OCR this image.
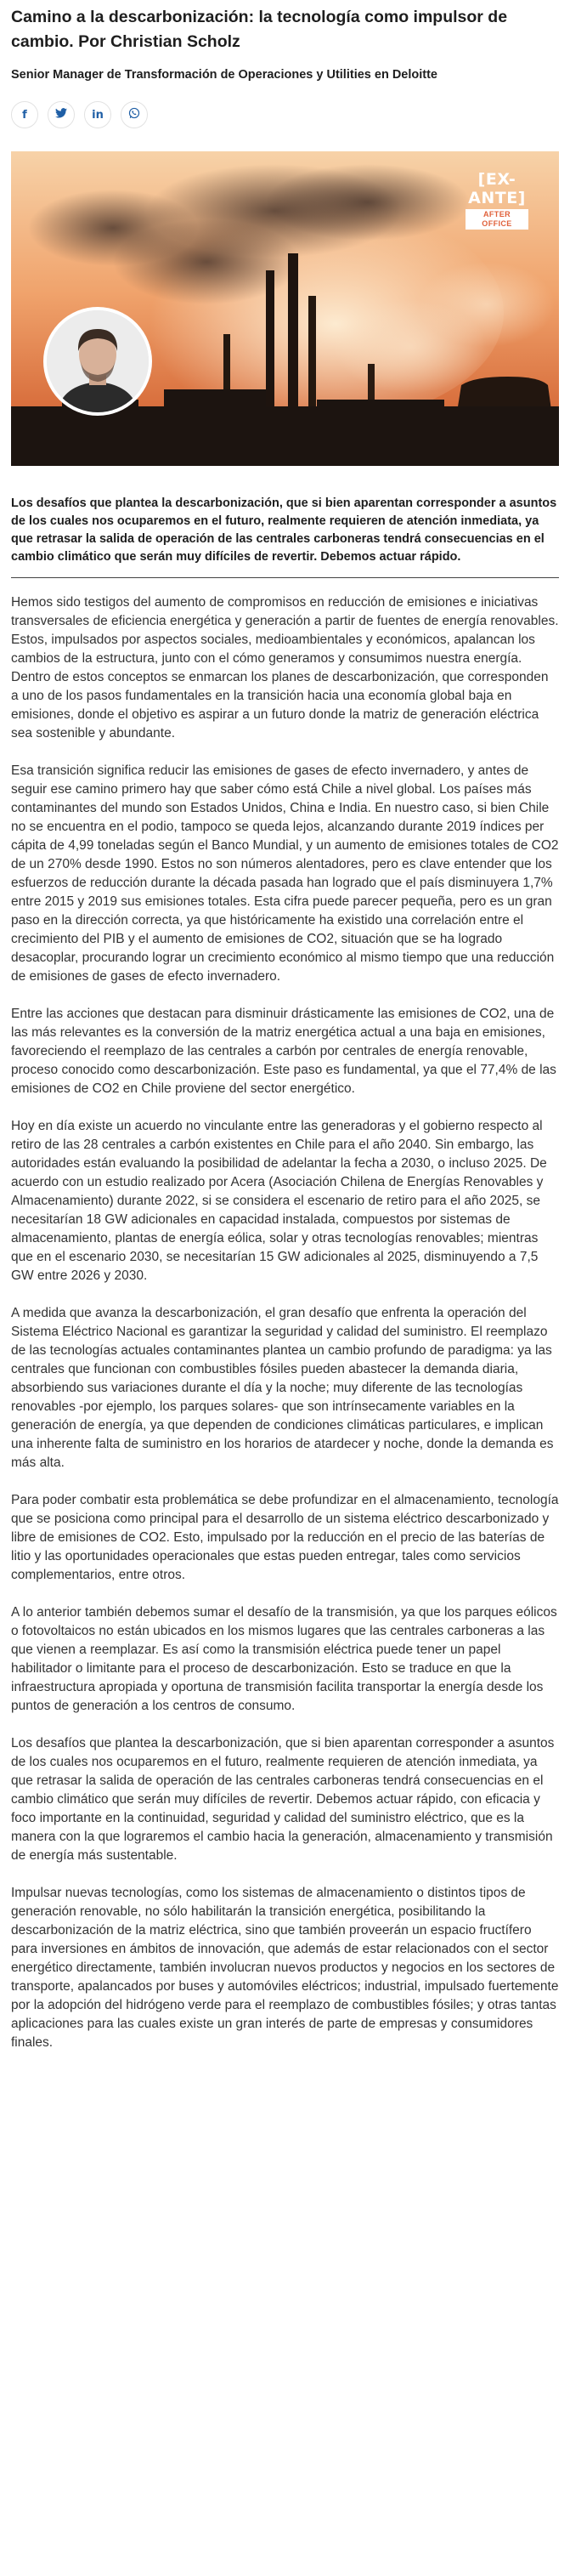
Camino a la descarbonización: la tecnología como impulsor de cambio. Por Christian Scholz
Senior Manager de Transformación de Operaciones y Utilities en Deloitte
f	in
[EX-ANTE]
AFTER OFFICE
Los desafíos que plantea la descarbonización, que si bien aparentan corresponder a asuntos de los cuales nos ocuparemos en el futuro, realmente requieren de atención inmediata, ya que retrasar la salida de operación de las centrales carboneras tendrá consecuencias en el cambio climático que serán muy difíciles de revertir. Debemos actuar rápido.

Hemos sido testigos del aumento de compromisos en reducción de emisiones e iniciativas transversales de eficiencia energética y generación a partir de fuentes de energía renovables. Estos, impulsados por aspectos sociales, medioambientales y económicos, apalancan los cambios de la estructura, junto con el cómo generamos y consumimos nuestra energía. Dentro de estos conceptos se enmarcan los planes de descarbonización, que corresponden a uno de los pasos fundamentales en la transición hacia una economía global baja en emisiones, donde el objetivo es aspirar a un futuro donde la matriz de generación eléctrica sea sostenible y abundante.

Esa transición significa reducir las emisiones de gases de efecto invernadero, y antes de seguir ese camino primero hay que saber cómo está Chile a nivel global. Los países más contaminantes del mundo son Estados Unidos, China e India. En nuestro caso, si bien Chile no se encuentra en el podio, tampoco se queda lejos, alcanzando durante 2019 índices per cápita de 4,99 toneladas según el Banco Mundial, y un aumento de emisiones totales de CO2 de un 270% desde 1990. Estos no son números alentadores, pero es clave entender que los esfuerzos de reducción durante la década pasada han logrado que el país disminuyera 1,7% entre 2015 y 2019 sus emisiones totales. Esta cifra puede parecer pequeña, pero es un gran paso en la dirección correcta, ya que históricamente ha existido una correlación entre el crecimiento del PIB y el aumento de emisiones de CO2, situación que se ha logrado desacoplar, procurando lograr un crecimiento económico al mismo tiempo que una reducción de emisiones de gases de efecto invernadero.

Entre las acciones que destacan para disminuir drásticamente las emisiones de CO2, una de las más relevantes es la conversión de la matriz energética actual a una baja en emisiones, favoreciendo el reemplazo de las centrales a carbón por centrales de energía renovable, proceso conocido como descarbonización. Este paso es fundamental, ya que el 77,4% de las emisiones de CO2 en Chile proviene del sector energético.

Hoy en día existe un acuerdo no vinculante entre las generadoras y el gobierno respecto al retiro de las 28 centrales a carbón existentes en Chile para el año 2040. Sin embargo, las autoridades están evaluando la posibilidad de adelantar la fecha a 2030, o incluso 2025. De acuerdo con un estudio realizado por Acera (Asociación Chilena de Energías Renovables y Almacenamiento) durante 2022, si se considera el escenario de retiro para el año 2025, se necesitarían 18 GW adicionales en capacidad instalada, compuestos por sistemas de almacenamiento, plantas de energía eólica, solar y otras tecnologías renovables; mientras que en el escenario 2030, se necesitarían 15 GW adicionales al 2025, disminuyendo a 7,5 GW entre 2026 y 2030.

A medida que avanza la descarbonización, el gran desafío que enfrenta la operación del Sistema Eléctrico Nacional es garantizar la seguridad y calidad del suministro. El reemplazo de las tecnologías actuales contaminantes plantea un cambio profundo de paradigma: ya las centrales que funcionan con combustibles fósiles pueden abastecer la demanda diaria, absorbiendo sus variaciones durante el día y la noche; muy diferente de las tecnologías renovables -por ejemplo, los parques solares- que son intrínsecamente variables en la generación de energía, ya que dependen de condiciones climáticas particulares, e implican una inherente falta de suministro en los horarios de atardecer y noche, donde la demanda es más alta.

Para poder combatir esta problemática se debe profundizar en el almacenamiento, tecnología que se posiciona como principal para el desarrollo de un sistema eléctrico descarbonizado y libre de emisiones de CO2. Esto, impulsado por la reducción en el precio de las baterías de litio y las oportunidades operacionales que estas pueden entregar, tales como servicios complementarios, entre otros.

A lo anterior también debemos sumar el desafío de la transmisión, ya que los parques eólicos o fotovoltaicos no están ubicados en los mismos lugares que las centrales carboneras a las que vienen a reemplazar. Es así como la transmisión eléctrica puede tener un papel habilitador o limitante para el proceso de descarbonización. Esto se traduce en que la infraestructura apropiada y oportuna de transmisión facilita transportar la energía desde los puntos de generación a los centros de consumo.

Los desafíos que plantea la descarbonización, que si bien aparentan corresponder a asuntos de los cuales nos ocuparemos en el futuro, realmente requieren de atención inmediata, ya que retrasar la salida de operación de las centrales carboneras tendrá consecuencias en el cambio climático que serán muy difíciles de revertir. Debemos actuar rápido, con eficacia y foco importante en la continuidad, seguridad y calidad del suministro eléctrico, que es la manera con la que lograremos el cambio hacia la generación, almacenamiento y transmisión de energía más sustentable.

Impulsar nuevas tecnologías, como los sistemas de almacenamiento o distintos tipos de generación renovable, no sólo habilitarán la transición energética, posibilitando la descarbonización de la matriz eléctrica, sino que también proveerán un espacio fructífero para inversiones en ámbitos de innovación, que además de estar relacionados con el sector energético directamente, también involucran nuevos productos y negocios en los sectores de transporte, apalancados por buses y automóviles eléctricos; industrial, impulsado fuertemente por la adopción del hidrógeno verde para el reemplazo de combustibles fósiles; y otras tantas aplicaciones para las cuales existe un gran interés de parte de empresas y consumidores finales.
